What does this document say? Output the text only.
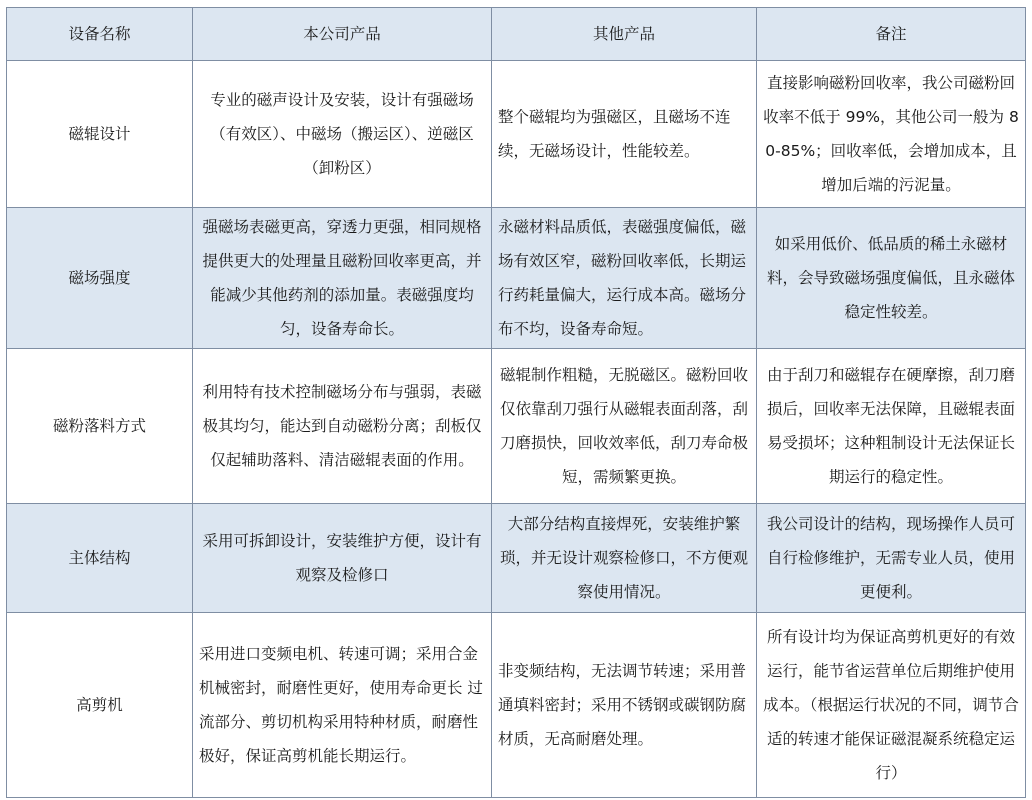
设备名称	本公司产品	其他产品	备注
磁辊设计	专业的磁声设计及安装，设计有强磁场（有效区）、中磁场（搬运区）、逆磁区（卸粉区）	整个磁辊均为强磁区，且磁场不连续，无磁场设计，性能较差。	直接影响磁粉回收率，我公司磁粉回收率不低于 99%，其他公司一般为 80-85%；回收率低，会增加成本，且增加后端的污泥量。
磁场强度	强磁场表磁更高，穿透力更强，相同规格提供更大的处理量且磁粉回收率更高，并能减少其他药剂的添加量。表磁强度均匀，设备寿命长。	永磁材料品质低，表磁强度偏低，磁场有效区窄，磁粉回收率低，长期运行药耗量偏大，运行成本高。磁场分布不均，设备寿命短。	如采用低价、低品质的稀土永磁材料，会导致磁场强度偏低，且永磁体稳定性较差。
磁粉落料方式	利用特有技术控制磁场分布与强弱，表磁极其均匀，能达到自动磁粉分离；刮板仅仅起辅助落料、清洁磁辊表面的作用。	磁辊制作粗糙，无脱磁区。磁粉回收仅依靠刮刀强行从磁辊表面刮落，刮刀磨损快，回收效率低，刮刀寿命极短，需频繁更换。	由于刮刀和磁辊存在硬摩擦，刮刀磨损后，回收率无法保障，且磁辊表面易受损坏；这种粗制设计无法保证长期运行的稳定性。
主体结构	采用可拆卸设计，安装维护方便，设计有观察及检修口	大部分结构直接焊死，安装维护繁琐，并无设计观察检修口，不方便观察使用情况。	我公司设计的结构，现场操作人员可自行检修维护，无需专业人员，使用更便利。
高剪机	采用进口变频电机、转速可调；采用合金机械密封，耐磨性更好，使用寿命更长 过流部分、剪切机构采用特种材质，耐磨性极好，保证高剪机能长期运行。	非变频结构，无法调节转速；采用普通填料密封；采用不锈钢或碳钢防腐材质，无高耐磨处理。	所有设计均为保证高剪机更好的有效运行，能节省运营单位后期维护使用成本。（根据运行状况的不同，调节合适的转速才能保证磁混凝系统稳定运行）
